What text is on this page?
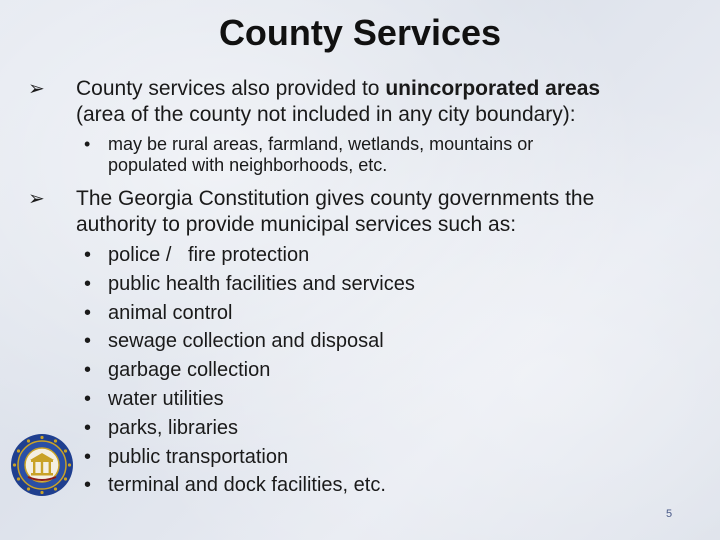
County Services
➢	County services also provided to unincorporated areas
(area of the county not included in any city boundary):
• may be rural areas, farmland, wetlands, mountains or
populated with neighborhoods, etc.
➢	The Georgia Constitution gives county governments the
authority to provide municipal services such as:
• police /   fire protection
• public health facilities and services
• animal control
• sewage collection and disposal
• garbage collection
• water utilities
• parks, libraries
• public transportation
• terminal and dock facilities, etc.
5
